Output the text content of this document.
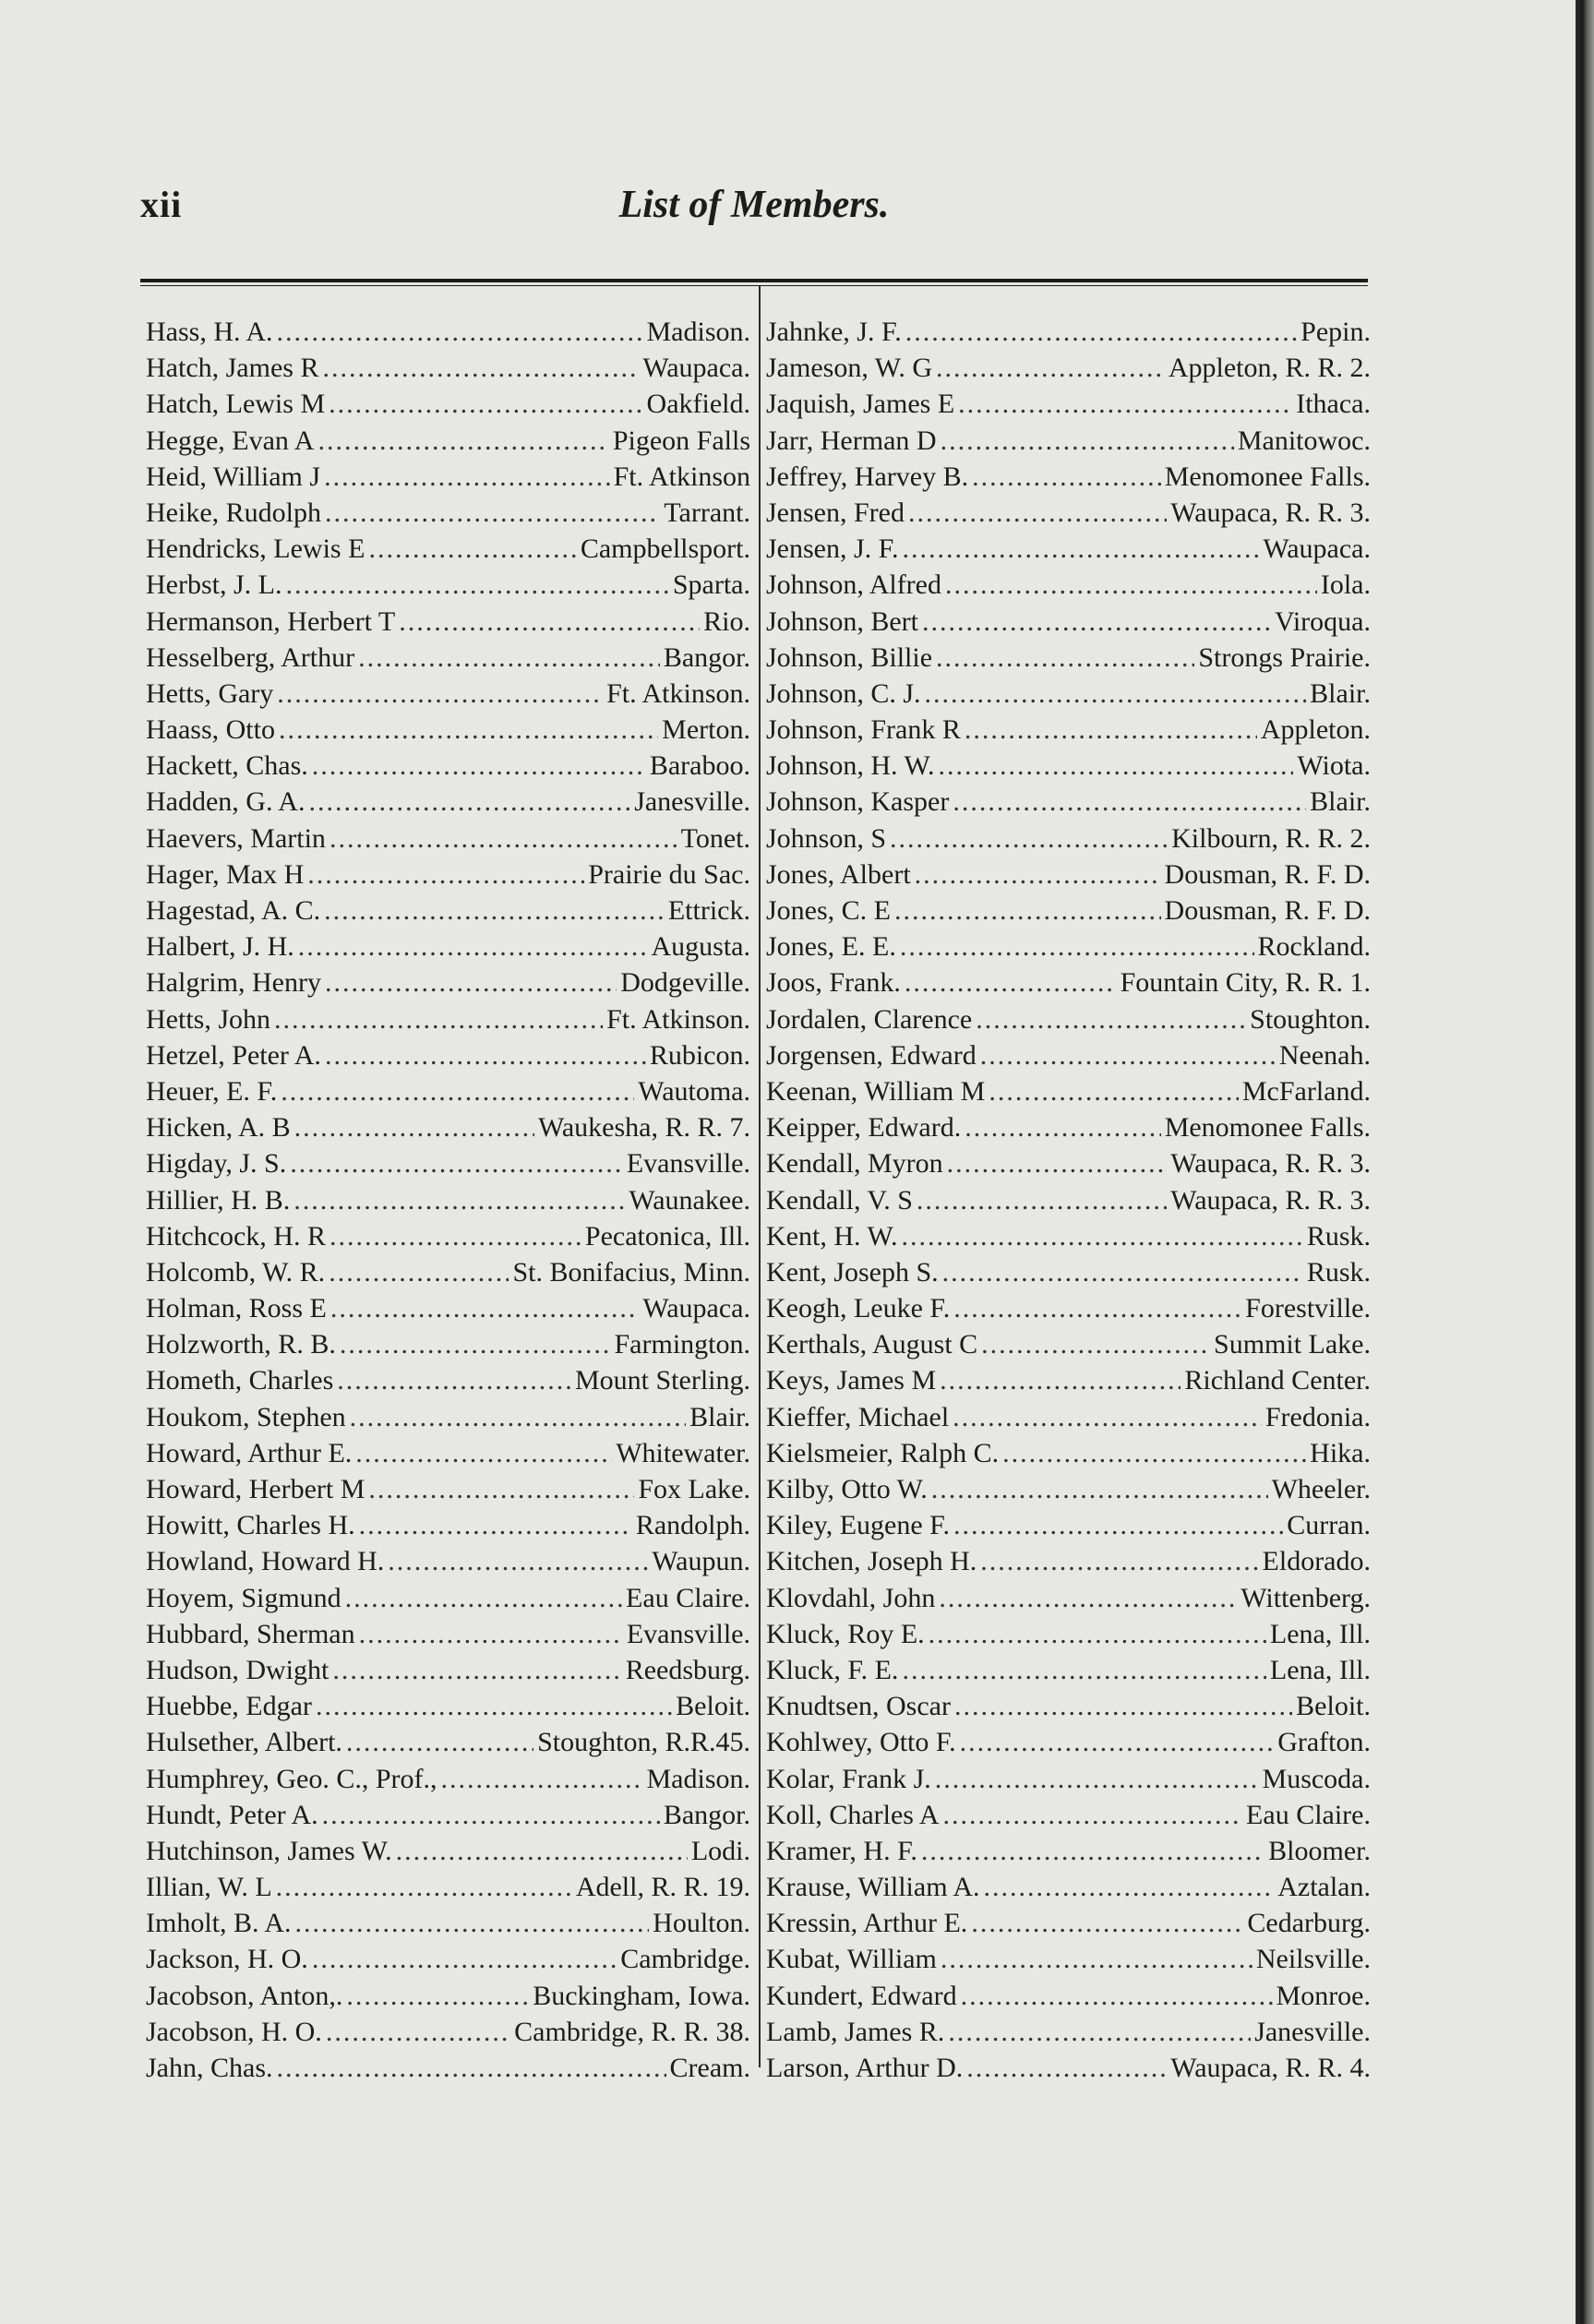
xii	List of Members.
Hass, H. A. .....	Madison.
Hatch, James R .....	Waupaca.
Hatch, Lewis M .....	Oakfield.
Hegge, Evan A .....	Pigeon Falls
Heid, William J .....	Ft. Atkinson
Heike, Rudolph .....	Tarrant.
Hendricks, Lewis E .....	Campbellsport.
Herbst, J. L. .....	Sparta.
Hermanson, Herbert T .....	Rio.
Hesselberg, Arthur .....	Bangor.
Hetts, Gary .....	Ft. Atkinson.
Haass, Otto .....	Merton.
Hackett, Chas. .....	Baraboo.
Hadden, G. A. .....	Janesville.
Haevers, Martin .....	Tonet.
Hager, Max H .....	Prairie du Sac.
Hagestad, A. C. .....	Ettrick.
Halbert, J. H. .....	Augusta.
Halgrim, Henry .....	Dodgeville.
Hetts, John .....	Ft. Atkinson.
Hetzel, Peter A. .....	Rubicon.
Heuer, E. F. .....	Wautoma.
Hicken, A. B .....	Waukesha, R. R. 7.
Higday, J. S. .....	Evansville.
Hillier, H. B. .....	Waunakee.
Hitchcock, H. R .....	Pecatonica, Ill.
Holcomb, W. R. .....	St. Bonifacius, Minn.
Holman, Ross E .....	Waupaca.
Holzworth, R. B. .....	Farmington.
Hometh, Charles .....	Mount Sterling.
Houkom, Stephen .....	Blair.
Howard, Arthur E. .....	Whitewater.
Howard, Herbert M .....	Fox Lake.
Howitt, Charles H. .....	Randolph.
Howland, Howard H. .....	Waupun.
Hoyem, Sigmund .....	Eau Claire.
Hubbard, Sherman .....	Evansville.
Hudson, Dwight .....	Reedsburg.
Huebbe, Edgar .....	Beloit.
Hulsether, Albert. .....	Stoughton, R.R.45.
Humphrey, Geo. C., Prof., .....	Madison.
Hundt, Peter A. .....	Bangor.
Hutchinson, James W. .....	Lodi.
Illian, W. L .....	Adell, R. R. 19.
Imholt, B. A. .....	Houlton.
Jackson, H. O. .....	Cambridge.
Jacobson, Anton,. .....	Buckingham, Iowa.
Jacobson, H. O. .....	Cambridge, R. R. 38.
Jahn, Chas. .....	Cream.
Jahnke, J. F. .....	Pepin.
Jameson, W. G .....	Appleton, R. R. 2.
Jaquish, James E .....	Ithaca.
Jarr, Herman D .....	Manitowoc.
Jeffrey, Harvey B. .....	Menomonee Falls.
Jensen, Fred .....	Waupaca, R. R. 3.
Jensen, J. F. .....	Waupaca.
Johnson, Alfred .....	Iola.
Johnson, Bert .....	Viroqua.
Johnson, Billie .....	Strongs Prairie.
Johnson, C. J. .....	Blair.
Johnson, Frank R .....	Appleton.
Johnson, H. W. .....	Wiota.
Johnson, Kasper .....	Blair.
Johnson, S .....	Kilbourn, R. R. 2.
Jones, Albert .....	Dousman, R. F. D.
Jones, C. E .....	Dousman, R. F. D.
Jones, E. E. .....	Rockland.
Joos, Frank. .....	Fountain City, R. R. 1.
Jordalen, Clarence .....	Stoughton.
Jorgensen, Edward .....	Neenah.
Keenan, William M .....	McFarland.
Keipper, Edward. .....	Menomonee Falls.
Kendall, Myron .....	Waupaca, R. R. 3.
Kendall, V. S .....	Waupaca, R. R. 3.
Kent, H. W. .....	Rusk.
Kent, Joseph S. .....	Rusk.
Keogh, Leuke F. .....	Forestville.
Kerthals, August C .....	Summit Lake.
Keys, James M .....	Richland Center.
Kieffer, Michael .....	Fredonia.
Kielsmeier, Ralph C. .....	Hika.
Kilby, Otto W. .....	Wheeler.
Kiley, Eugene F. .....	Curran.
Kitchen, Joseph H. .....	Eldorado.
Klovdahl, John .....	Wittenberg.
Kluck, Roy E. .....	Lena, Ill.
Kluck, F. E. .....	Lena, Ill.
Knudtsen, Oscar .....	Beloit.
Kohlwey, Otto F. .....	Grafton.
Kolar, Frank J. .....	Muscoda.
Koll, Charles A .....	Eau Claire.
Kramer, H. F. .....	Bloomer.
Krause, William A. .....	Aztalan.
Kressin, Arthur E. .....	Cedarburg.
Kubat, William .....	Neilsville.
Kundert, Edward .....	Monroe.
Lamb, James R. .....	Janesville.
Larson, Arthur D. .....	Waupaca, R. R. 4.
